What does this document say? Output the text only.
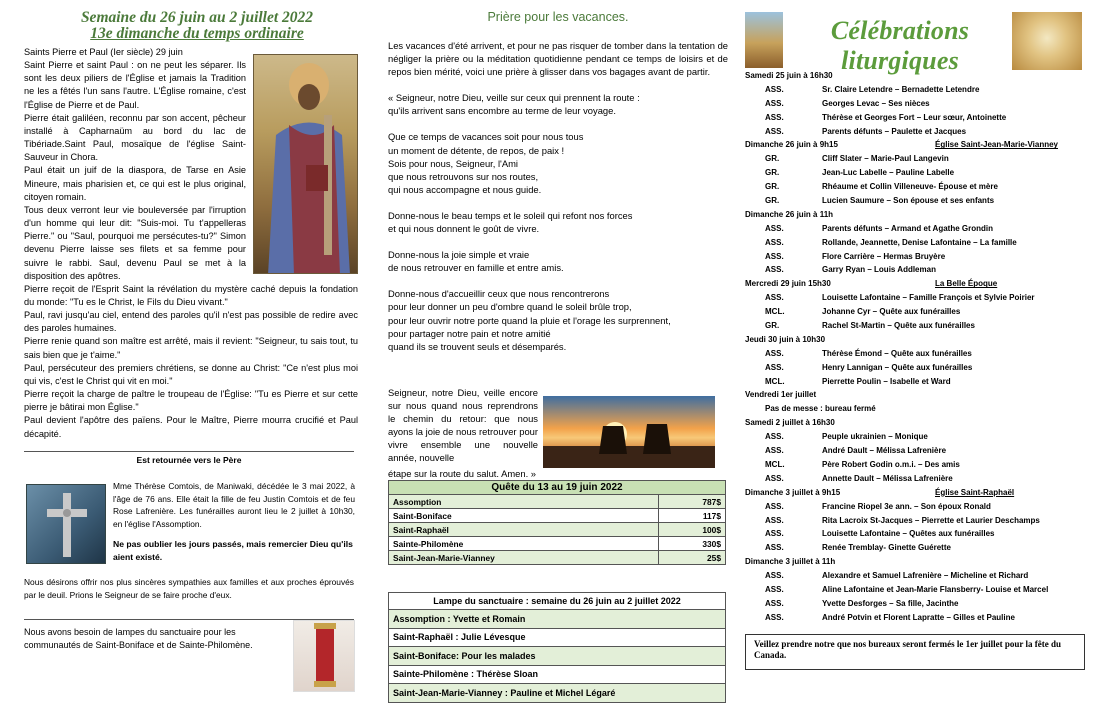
Semaine du 26 juin au 2 juillet 2022
13e dimanche du temps ordinaire

Saints Pierre et Paul (Ier siècle) 29 juin

Saint Pierre et saint Paul : on ne peut les séparer. Ils sont les deux piliers de l'Église et jamais la Tradition ne les a fêtés l'un sans l'autre. L'Église romaine, c'est l'Église de Pierre et de Paul.

Pierre était galiléen, reconnu par son accent, pêcheur installé à Capharnaüm au bord du lac de Tibériade.Saint Paul, mosaïque de l'église Saint-Sauveur in Chora.

Paul était un juif de la diaspora, de Tarse en Asie Mineure, mais pharisien et, ce qui est le plus original, citoyen romain.

Tous deux verront leur vie bouleversée par l'irruption d'un homme qui leur dit: "Suis-moi. Tu t'appelleras Pierre." ou "Saul, pourquoi me persécutes-tu?" Simon devenu Pierre laisse ses filets et sa femme pour suivre le rabbi. Saul, devenu Paul se met à la disposition des apôtres.

Pierre reçoit de l'Esprit Saint la révélation du mystère caché depuis la fondation du monde: "Tu es le Christ, le Fils du Dieu vivant."

Paul, ravi jusqu'au ciel, entend des paroles qu'il n'est pas possible de redire avec des paroles humaines.

Pierre renie quand son maître est arrêté, mais il revient: "Seigneur, tu sais tout, tu sais bien que je t'aime."

Paul, persécuteur des premiers chrétiens, se donne au Christ: "Ce n'est plus moi qui vis, c'est le Christ qui vit en moi."

Pierre reçoit la charge de paître le troupeau de l'Église: "Tu es Pierre et sur cette pierre je bâtirai mon Église."

Paul devient l'apôtre des païens. Pour le Maître, Pierre mourra crucifié et Paul décapité.

Est retournée vers le Père
Mme Thérèse Comtois, de Maniwaki, décédée le 3 mai 2022, à l'âge de 76 ans. Elle était la fille de feu Justin Comtois et de feu Rose Lafrenière. Les funérailles auront lieu le 2 juillet à 10h30, en l'église l'Assomption.
Ne pas oublier les jours passés, mais remercier Dieu qu'ils aient existé.
Nous désirons offrir nos plus sincères sympathies aux familles et aux proches éprouvés par le deuil. Prions le Seigneur de se faire proche d'eux.
Nous avons besoin de lampes du sanctuaire pour les communautés de Saint-Boniface et de Sainte-Philomène.
Prière pour les vacances.

Les vacances d'été arrivent, et pour ne pas risquer de tomber dans la tentation de négliger la prière ou la méditation quotidienne pendant ce temps de loisirs et de repos bien mérité, voici une prière à glisser dans vos bagages avant de partir.

« Seigneur, notre Dieu, veille sur ceux qui prennent la route :
qu'ils arrivent sans encombre au terme de leur voyage.

Que ce temps de vacances soit pour nous tous
un moment de détente, de repos, de paix !
Sois pour nous, Seigneur, l'Ami
que nous retrouvons sur nos routes,
qui nous accompagne et nous guide.

Donne-nous le beau temps et le soleil qui refont nos forces
et qui nous donnent le goût de vivre.

Donne-nous la joie simple et vraie
de nous retrouver en famille et entre amis.

Donne-nous d'accueillir ceux que nous rencontrerons
pour leur donner un peu d'ombre quand le soleil brûle trop,
pour leur ouvrir notre porte quand la pluie et l'orage les surprennent,
pour partager notre pain et notre amitié
quand ils se trouvent seuls et désemparés.

Seigneur, notre Dieu, veille encore sur nous quand nous reprendrons le chemin du retour: que nous ayons la joie de nous retrouver pour vivre ensemble une nouvelle année, nouvelle
étape sur la route du salut. Amen. »
Quête du 13 au 19 juin 2022	
Assomption	787$
Saint-Boniface	117$
Saint-Raphaël	100$
Sainte-Philomène	330$
Saint-Jean-Marie-Vianney	25$
Lampe du sanctuaire : semaine du 26 juin au 2 juillet 2022
Assomption : Yvette et Romain
Saint-Raphaël : Julie Lévesque
Saint-Boniface: Pour les malades
Sainte-Philomène : Thérèse Sloan
Saint-Jean-Marie-Vianney : Pauline et Michel Légaré
Célébrations liturgiques
Samedi 25 juin à 16h30
ASS.	Sr. Claire Letendre – Bernadette Letendre
ASS.	Georges Levac – Ses nièces
ASS.	Thérèse et Georges Fort – Leur sœur, Antoinette
ASS.	Parents défunts – Paulette et Jacques
Dimanche 26 juin à 9h15	Église Saint-Jean-Marie-Vianney
GR.	Cliff Slater – Marie-Paul Langevin
GR.	Jean-Luc Labelle – Pauline Labelle
GR.	Rhéaume et Collin Villeneuve- Épouse et mère
GR.	Lucien Saumure – Son épouse et ses enfants
Dimanche 26 juin à 11h
ASS.	Parents défunts – Armand et Agathe Grondin
ASS.	Rollande, Jeannette, Denise Lafontaine – La famille
ASS.	Flore Carrière – Hermas Bruyère
ASS.	Garry Ryan – Louis Addleman
Mercredi 29 juin 15h30	La Belle Époque
ASS.	Louisette Lafontaine – Famille François et Sylvie Poirier
MCL.	Johanne Cyr – Quête aux funérailles
GR.	Rachel St-Martin – Quête aux funérailles
Jeudi 30 juin à 10h30
ASS.	Thérèse Émond – Quête aux funérailles
ASS.	Henry Lannigan – Quête aux funérailles
MCL.	Pierrette Poulin – Isabelle et Ward
Vendredi 1er juillet
Pas de messe : bureau fermé
Samedi 2 juillet à 16h30
ASS.	Peuple ukrainien – Monique
ASS.	André Dault – Mélissa Lafrenière
MCL.	Père Robert Godin o.m.i. – Des amis
ASS.	Annette Dault – Mélissa Lafrenière
Dimanche 3 juillet à 9h15	Église Saint-Raphaël
ASS.	Francine Riopel 3e ann. – Son époux Ronald
ASS.	Rita Lacroix St-Jacques – Pierrette et Laurier Deschamps
ASS.	Louisette Lafontaine – Quêtes aux funérailles
ASS.	Renée Tremblay- Ginette Guérette
Dimanche 3 juillet à 11h
ASS.	Alexandre et Samuel Lafrenière – Micheline et Richard
ASS.	Aline Lafontaine et Jean-Marie Flansberry- Louise et Marcel
ASS.	Yvette Desforges – Sa fille, Jacinthe
ASS.	André Potvin et Florent Lapratte – Gilles et Pauline
Veillez prendre notre que nos bureaux seront fermés le 1er juillet pour la fête du Canada.
